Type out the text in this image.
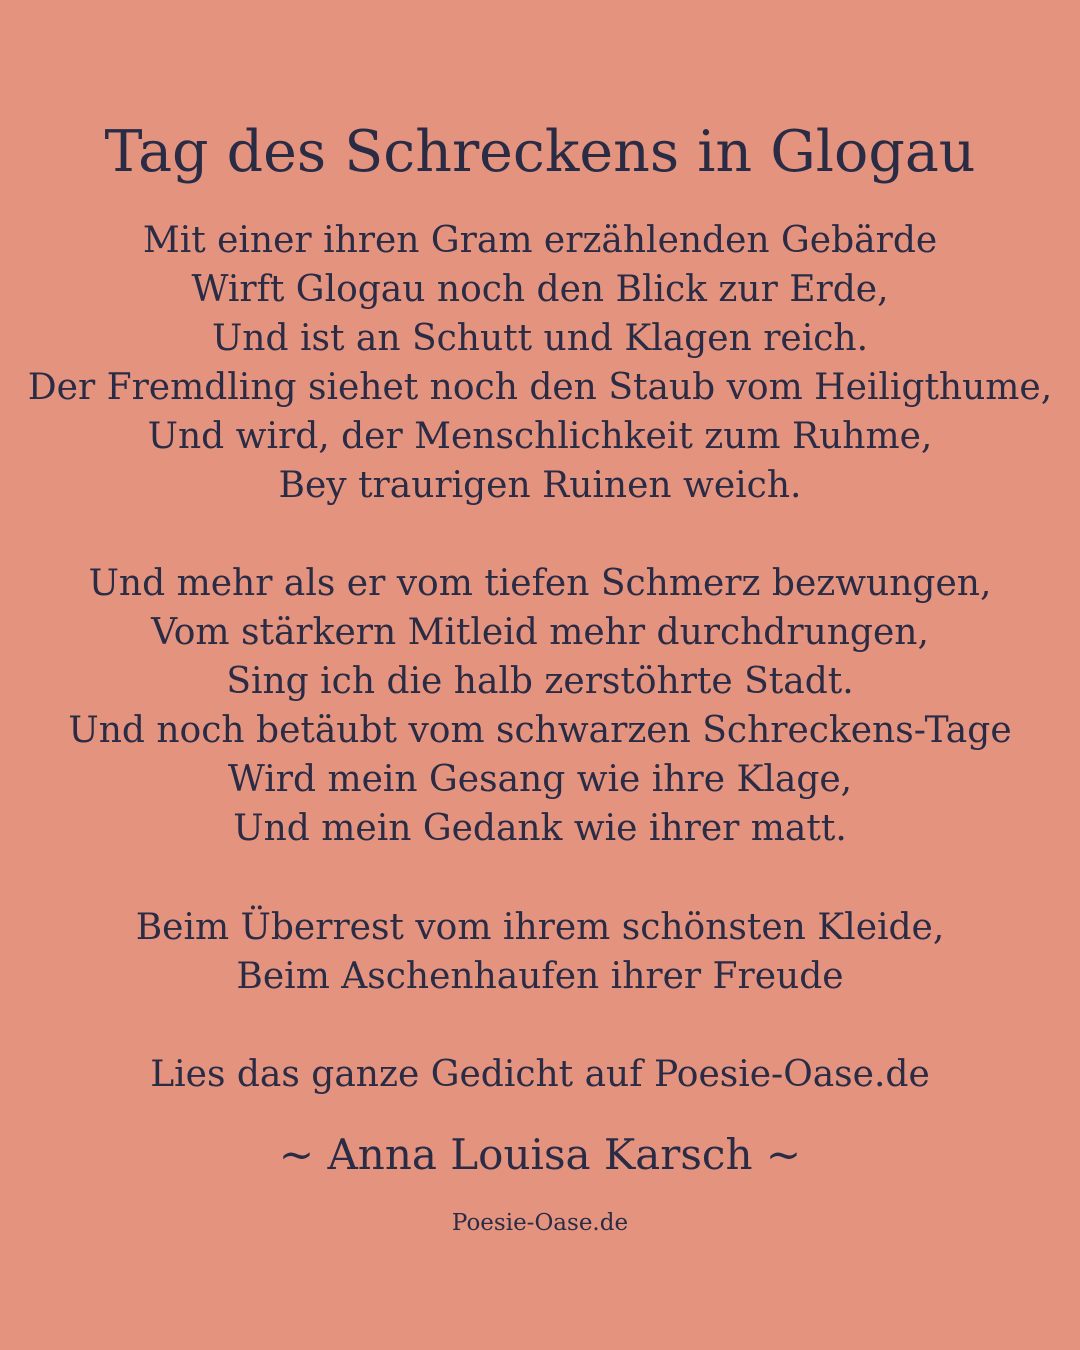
Tag des Schreckens in Glogau
Mit einer ihren Gram erzählenden Gebärde
Wirft Glogau noch den Blick zur Erde,
Und ist an Schutt und Klagen reich.
Der Fremdling siehet noch den Staub vom Heiligthume,
Und wird, der Menschlichkeit zum Ruhme,
Bey traurigen Ruinen weich.
Und mehr als er vom tiefen Schmerz bezwungen,
Vom stärkern Mitleid mehr durchdrungen,
Sing ich die halb zerstöhrte Stadt.
Und noch betäubt vom schwarzen Schreckens-Tage
Wird mein Gesang wie ihre Klage,
Und mein Gedank wie ihrer matt.
Beim Überrest vom ihrem schönsten Kleide,
Beim Aschenhaufen ihrer Freude
Lies das ganze Gedicht auf Poesie-Oase.de
~ Anna Louisa Karsch ~
Poesie-Oase.de
